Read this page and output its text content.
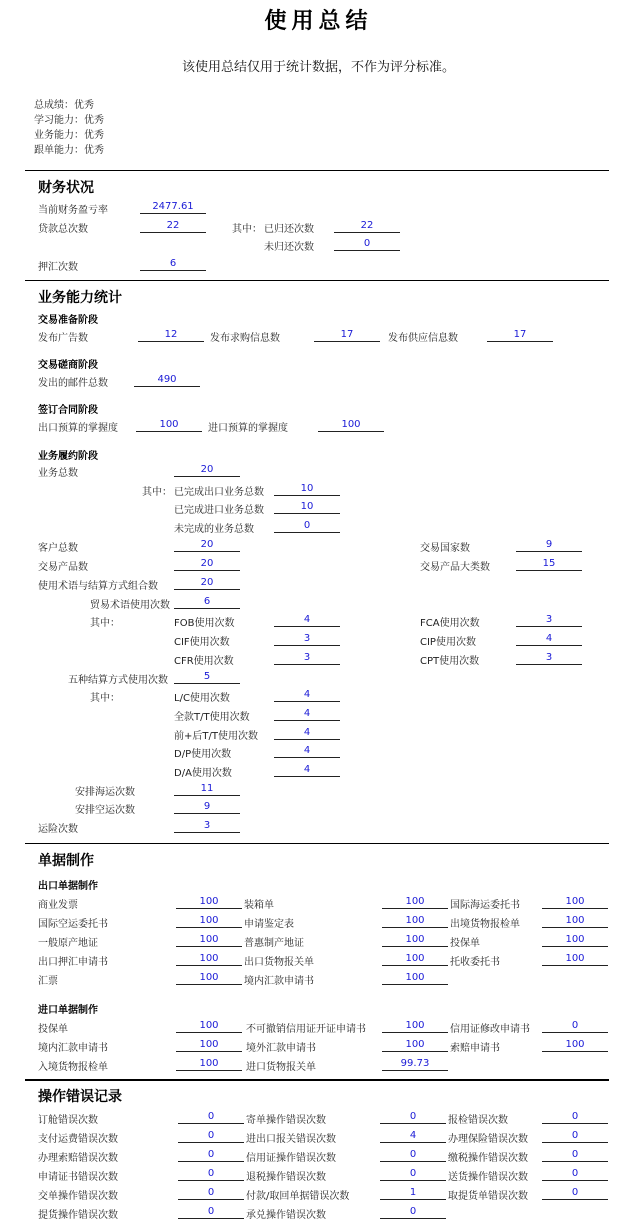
使用总结
该使用总结仅用于统计数据，不作为评分标准。
总成绩：优秀
学习能力：优秀
业务能力：优秀
跟单能力：优秀
财务状况
当前财务盈亏率	2477.61
贷款总次数	22	其中： 已归还次数	22
未归还次数	0
押汇次数	6
业务能力统计
交易准备阶段
发布广告数	12	发布求购信息数	17	发布供应信息数	17
交易磋商阶段
发出的邮件总数	490
签订合同阶段
出口预算的掌握度	100	进口预算的掌握度	100
业务履约阶段
业务总数	20
其中： 已完成出口业务总数	10
已完成进口业务总数	10
未完成的业务总数	0
客户总数	20	交易国家数	9
交易产品数	20	交易产品大类数	15
使用术语与结算方式组合数	20
贸易术语使用次数	6
其中：	FOB使用次数	4	FCA使用次数	3
CIF使用次数	3	CIP使用次数	4
CFR使用次数	3	CPT使用次数	3
五种结算方式使用次数	5
其中：	L/C使用次数	4
全款T/T使用次数	4
前+后T/T使用次数	4
D/P使用次数	4
D/A使用次数	4
安排海运次数	11
安排空运次数	9
运险次数	3
单据制作
出口单据制作
商业发票	100	装箱单	100	国际海运委托书	100
国际空运委托书	100	申请鉴定表	100	出境货物报检单	100
一般原产地证	100	普惠制产地证	100	投保单	100
出口押汇申请书	100	出口货物报关单	100	托收委托书	100
汇票	100	境内汇款申请书	100
进口单据制作
投保单	100	不可撤销信用证开证申请书	100	信用证修改申请书	0
境内汇款申请书	100	境外汇款申请书	100	索赔申请书	100
入境货物报检单	100	进口货物报关单	99.73
操作错误记录
订舱错误次数	0	寄单操作错误次数	0	报检错误次数	0
支付运费错误次数	0	进出口报关错误次数	4	办理保险错误次数	0
办理索赔错误次数	0	信用证操作错误次数	0	缴税操作错误次数	0
申请证书错误次数	0	退税操作错误次数	0	送货操作错误次数	0
交单操作错误次数	0	付款/取回单据错误次数	1	取提货单错误次数	0
提货操作错误次数	0	承兑操作错误次数	0
